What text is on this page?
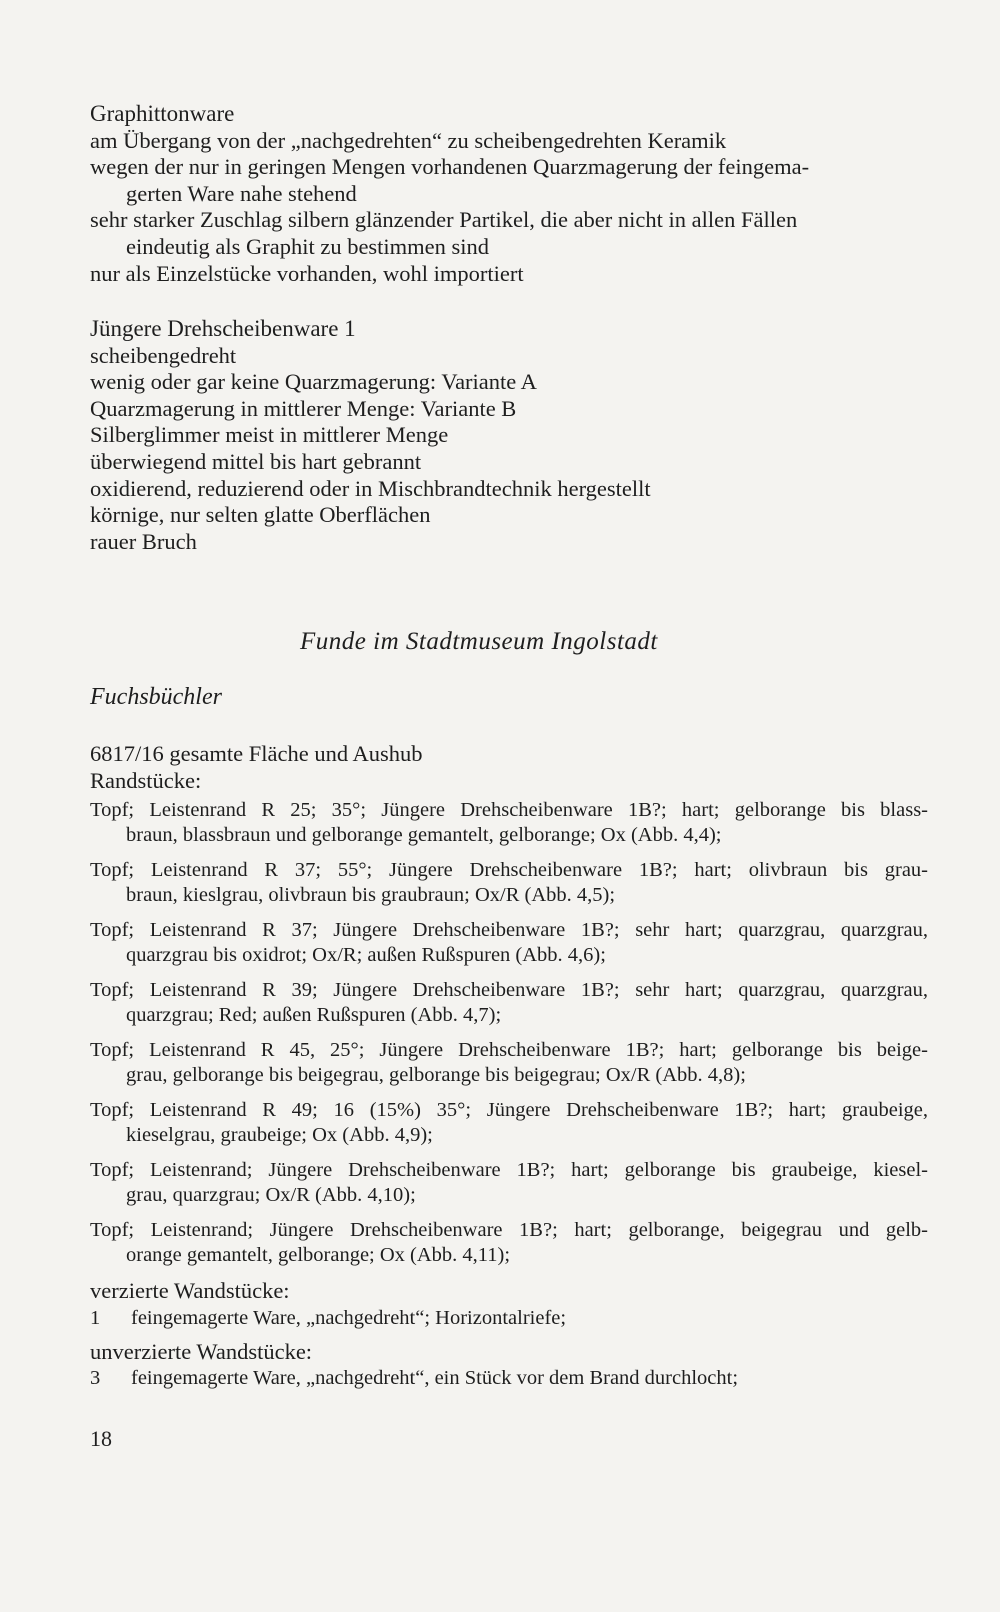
Graphittonware

am Übergang von der „nachgedrehten“ zu scheibengedrehten Keramik

wegen der nur in geringen Mengen vorhandenen Quarzmagerung der feingema-

gerten Ware nahe stehend

sehr starker Zuschlag silbern glänzender Partikel, die aber nicht in allen Fällen

eindeutig als Graphit zu bestimmen sind

nur als Einzelstücke vorhanden, wohl importiert

Jüngere Drehscheibenware 1

scheibengedreht

wenig oder gar keine Quarzmagerung: Variante A

Quarzmagerung in mittlerer Menge: Variante B

Silberglimmer meist in mittlerer Menge

überwiegend mittel bis hart gebrannt

oxidierend, reduzierend oder in Mischbrandtechnik hergestellt

körnige, nur selten glatte Oberflächen

rauer Bruch

Funde im Stadtmuseum Ingolstadt
Fuchsbüchler

6817/16 gesamte Fläche und Aushub

Randstücke:

Topf; Leistenrand R 25; 35°; Jüngere Drehscheibenware 1B?; hart; gelborange bis blass-
braun, blassbraun und gelborange gemantelt, gelborange; Ox (Abb. 4,4);
Topf; Leistenrand R 37; 55°; Jüngere Drehscheibenware 1B?; hart; olivbraun bis grau-
braun, kieslgrau, olivbraun bis graubraun; Ox/R (Abb. 4,5);
Topf; Leistenrand R 37; Jüngere Drehscheibenware 1B?; sehr hart; quarzgrau, quarzgrau,
quarzgrau bis oxidrot; Ox/R; außen Rußspuren (Abb. 4,6);
Topf; Leistenrand R 39; Jüngere Drehscheibenware 1B?; sehr hart; quarzgrau, quarzgrau,
quarzgrau; Red; außen Rußspuren (Abb. 4,7);
Topf; Leistenrand R 45, 25°; Jüngere Drehscheibenware 1B?; hart; gelborange bis beige-
grau, gelborange bis beigegrau, gelborange bis beigegrau; Ox/R (Abb. 4,8);
Topf; Leistenrand R 49; 16 (15%) 35°; Jüngere Drehscheibenware 1B?; hart; graubeige,
kieselgrau, graubeige; Ox (Abb. 4,9);
Topf; Leistenrand; Jüngere Drehscheibenware 1B?; hart; gelborange bis graubeige, kiesel-
grau, quarzgrau; Ox/R (Abb. 4,10);
Topf; Leistenrand; Jüngere Drehscheibenware 1B?; hart; gelborange, beigegrau und gelb-
orange gemantelt, gelborange; Ox (Abb. 4,11);

verzierte Wandstücke:

1	feingemagerte Ware, „nachgedreht“; Horizontalriefe;

unverzierte Wandstücke:

3	feingemagerte Ware, „nachgedreht“, ein Stück vor dem Brand durchlocht;
18
